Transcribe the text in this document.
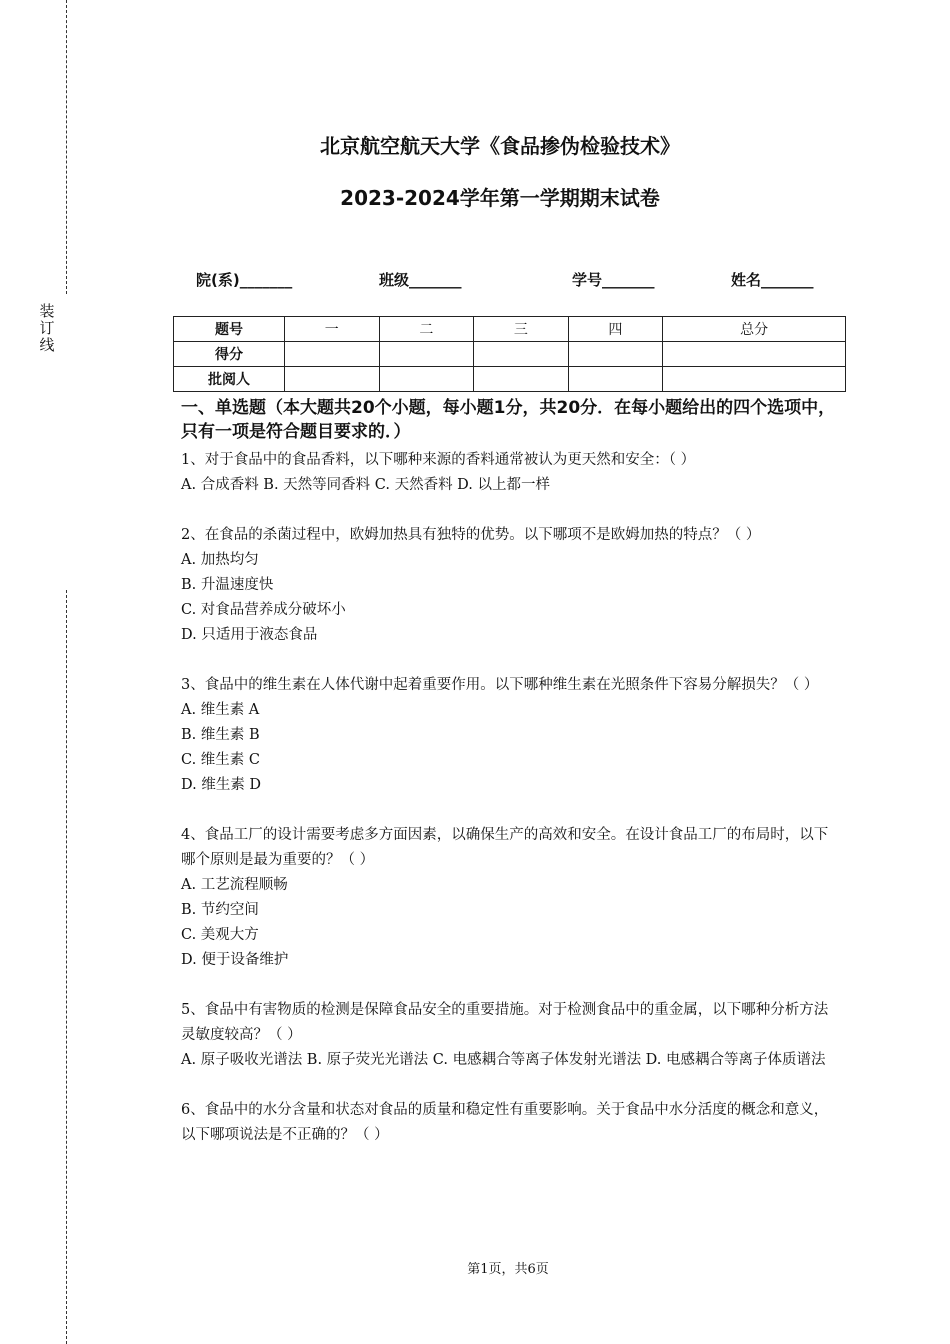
装
订
线
北京航空航天大学《食品掺伪检验技术》
2023-2024学年第一学期期末试卷
院(系)_______	班级_______	学号_______	姓名_______
题号	一	二	三	四	总分
得分					
批阅人					
一、单选题（本大题共20个小题，每小题1分，共20分．在每小题给出的四个选项中，只有一项是符合题目要求的．）

1、对于食品中的食品香料，以下哪种来源的香料通常被认为更天然和安全：（ ）

A. 合成香料 B. 天然等同香料 C. 天然香料 D. 以上都一样

2、在食品的杀菌过程中，欧姆加热具有独特的优势。以下哪项不是欧姆加热的特点？（ ）

A. 加热均匀

B. 升温速度快

C. 对食品营养成分破坏小

D. 只适用于液态食品

3、食品中的维生素在人体代谢中起着重要作用。以下哪种维生素在光照条件下容易分解损失？（ ）

A. 维生素 A

B. 维生素 B

C. 维生素 C

D. 维生素 D

4、食品工厂的设计需要考虑多方面因素，以确保生产的高效和安全。在设计食品工厂的布局时，以下哪个原则是最为重要的？（ ）

A. 工艺流程顺畅

B. 节约空间

C. 美观大方

D. 便于设备维护

5、食品中有害物质的检测是保障食品安全的重要措施。对于检测食品中的重金属，以下哪种分析方法灵敏度较高？（ ）

A. 原子吸收光谱法 B. 原子荧光光谱法 C. 电感耦合等离子体发射光谱法 D. 电感耦合等离子体质谱法

6、食品中的水分含量和状态对食品的质量和稳定性有重要影响。关于食品中水分活度的概念和意义，以下哪项说法是不正确的？（ ）

第1页，共6页
